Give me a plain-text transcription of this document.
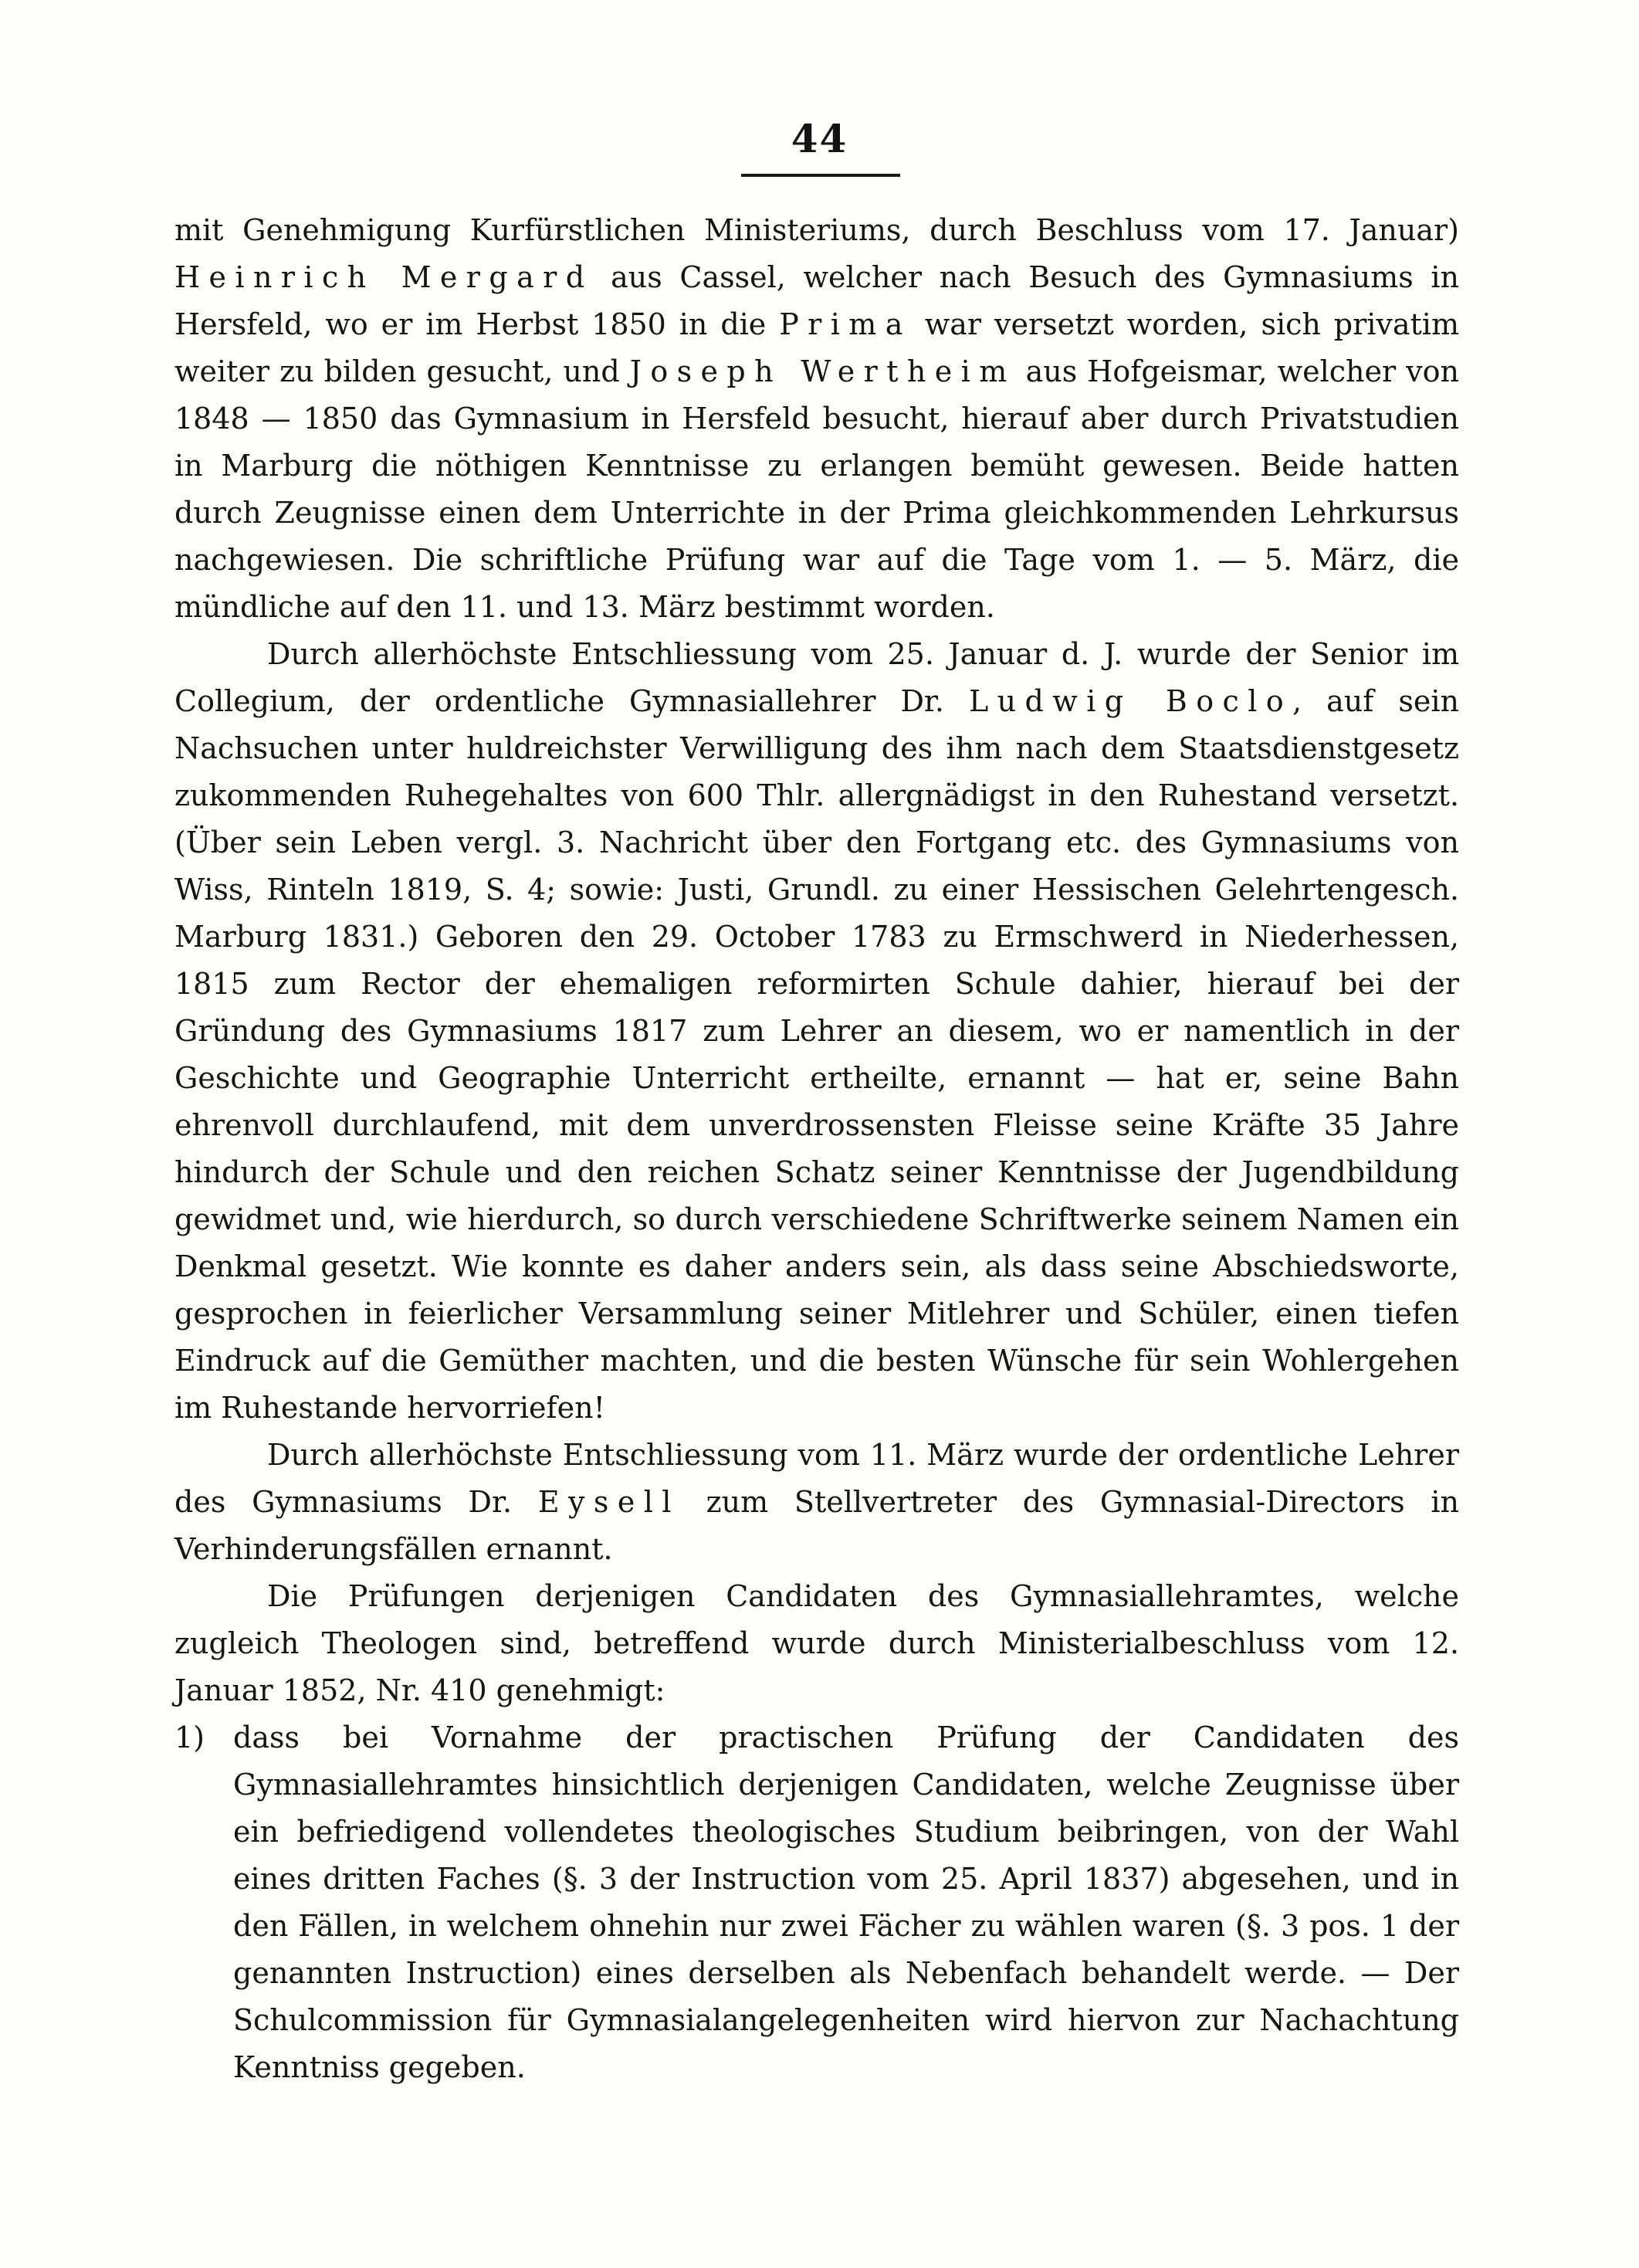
44

mit Genehmigung Kurfürstlichen Ministeriums, durch Beschluss vom 17. Januar) Heinrich Mergard aus Cassel, welcher nach Besuch des Gymnasiums in Hersfeld, wo er im Herbst 1850 in die Prima war versetzt worden, sich privatim weiter zu bilden gesucht, und Joseph Wertheim aus Hofgeismar, welcher von 1848 — 1850 das Gymnasium in Hersfeld besucht, hierauf aber durch Privatstudien in Marburg die nöthigen Kenntnisse zu erlangen bemüht gewesen. Beide hatten durch Zeugnisse einen dem Unterrichte in der Prima gleichkommenden Lehrkursus nachgewiesen. Die schriftliche Prüfung war auf die Tage vom 1. — 5. März, die mündliche auf den 11. und 13. März bestimmt worden.

Durch allerhöchste Entschliessung vom 25. Januar d. J. wurde der Senior im Collegium, der ordentliche Gymnasiallehrer Dr. Ludwig Boclo, auf sein Nachsuchen unter huldreichster Verwilligung des ihm nach dem Staatsdienstgesetz zukommenden Ruhegehaltes von 600 Thlr. allergnädigst in den Ruhestand versetzt. (Über sein Leben vergl. 3. Nachricht über den Fortgang etc. des Gymnasiums von Wiss, Rinteln 1819, S. 4; sowie: Justi, Grundl. zu einer Hessischen Gelehrtengesch. Marburg 1831.) Geboren den 29. October 1783 zu Ermschwerd in Niederhessen, 1815 zum Rector der ehemaligen reformirten Schule dahier, hierauf bei der Gründung des Gymnasiums 1817 zum Lehrer an diesem, wo er namentlich in der Geschichte und Geographie Unterricht ertheilte, ernannt — hat er, seine Bahn ehrenvoll durchlaufend, mit dem unverdrossensten Fleisse seine Kräfte 35 Jahre hindurch der Schule und den reichen Schatz seiner Kenntnisse der Jugendbildung gewidmet und, wie hierdurch, so durch verschiedene Schriftwerke seinem Namen ein Denkmal gesetzt. Wie konnte es daher anders sein, als dass seine Abschiedsworte, gesprochen in feierlicher Versammlung seiner Mitlehrer und Schüler, einen tiefen Eindruck auf die Gemüther machten, und die besten Wünsche für sein Wohlergehen im Ruhestande hervorriefen!

Durch allerhöchste Entschliessung vom 11. März wurde der ordentliche Lehrer des Gymnasiums Dr. Eysell zum Stellvertreter des Gymnasial-Directors in Verhinderungsfällen ernannt.

Die Prüfungen derjenigen Candidaten des Gymnasiallehramtes, welche zugleich Theologen sind, betreffend wurde durch Ministerialbeschluss vom 12. Januar 1852, Nr. 410 genehmigt:

1) dass bei Vornahme der practischen Prüfung der Candidaten des Gymnasiallehramtes hinsichtlich derjenigen Candidaten, welche Zeugnisse über ein befriedigend vollendetes theologisches Studium beibringen, von der Wahl eines dritten Faches (§. 3 der Instruction vom 25. April 1837) abgesehen, und in den Fällen, in welchem ohnehin nur zwei Fächer zu wählen waren (§. 3 pos. 1 der genannten Instruction) eines derselben als Nebenfach behandelt werde. — Der Schulcommission für Gymnasialangelegenheiten wird hiervon zur Nachachtung Kenntniss gegeben.
